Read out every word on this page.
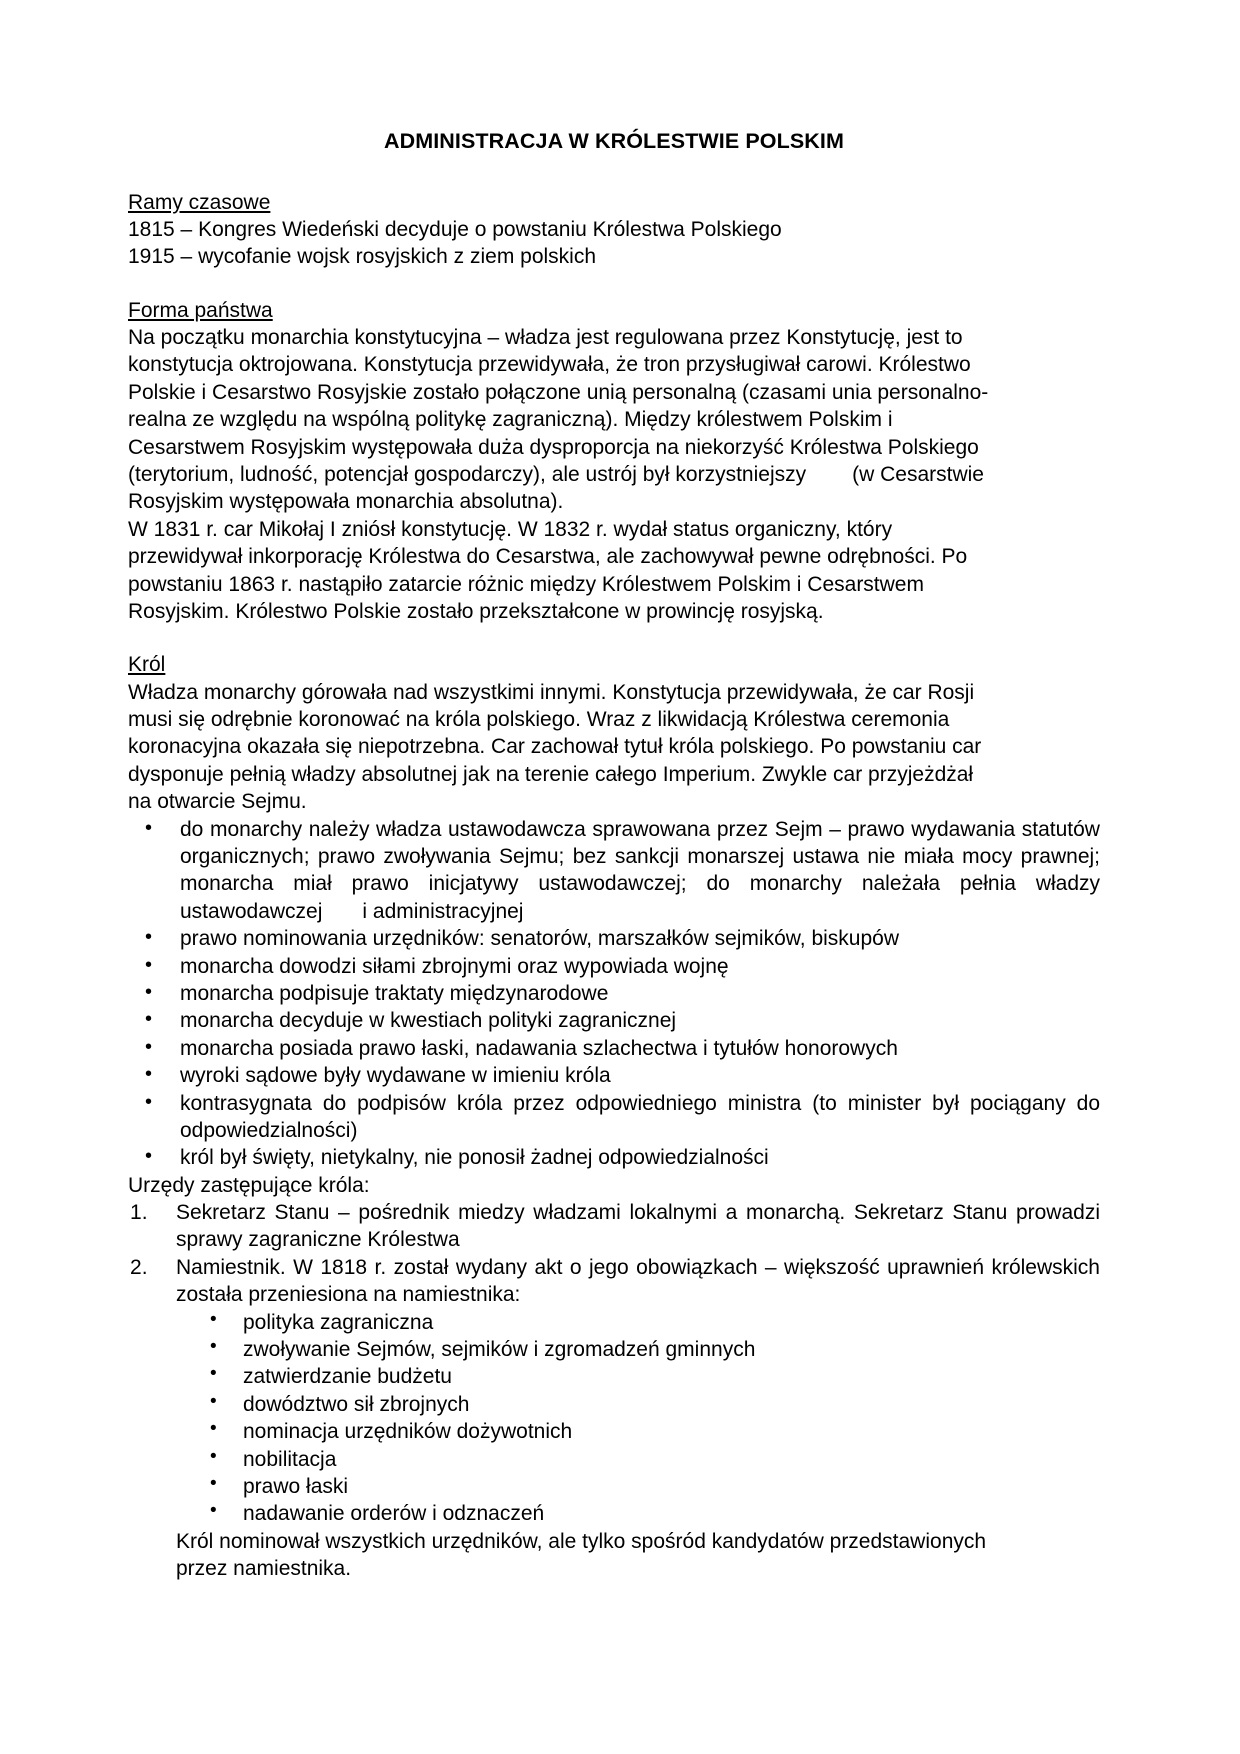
ADMINISTRACJA W KRÓLESTWIE POLSKIM
Ramy czasowe

1815 – Kongres Wiedeński decyduje o powstaniu Królestwa Polskiego

1915 – wycofanie wojsk rosyjskich z ziem polskich

Forma państwa

Na początku monarchia konstytucyjna – władza jest regulowana przez Konstytucję, jest to

konstytucja oktrojowana. Konstytucja przewidywała, że tron przysługiwał carowi. Królestwo

Polskie i Cesarstwo Rosyjskie zostało połączone unią personalną (czasami unia personalno-

realna ze względu na wspólną politykę zagraniczną). Między królestwem Polskim i

Cesarstwem Rosyjskim występowała duża dysproporcja na niekorzyść Królestwa Polskiego

(terytorium, ludność, potencjał gospodarczy), ale ustrój był korzystniejszy (w Cesarstwie

Rosyjskim występowała monarchia absolutna).

W 1831 r. car Mikołaj I zniósł konstytucję. W 1832 r. wydał status organiczny, który

przewidywał inkorporację Królestwa do Cesarstwa, ale zachowywał pewne odrębności. Po

powstaniu 1863 r. nastąpiło zatarcie różnic między Królestwem Polskim i Cesarstwem

Rosyjskim. Królestwo Polskie zostało przekształcone w prowincję rosyjską.

Król

Władza monarchy górowała nad wszystkimi innymi. Konstytucja przewidywała, że car Rosji

musi się odrębnie koronować na króla polskiego. Wraz z likwidacją Królestwa ceremonia

koronacyjna okazała się niepotrzebna. Car zachował tytuł króla polskiego. Po powstaniu car

dysponuje pełnią władzy absolutnej jak na terenie całego Imperium. Zwykle car przyjeżdżał

na otwarcie Sejmu.

• do monarchy należy władza ustawodawcza sprawowana przez Sejm – prawo wydawania statutów organicznych; prawo zwoływania Sejmu; bez sankcji monarszej ustawa nie miała mocy prawnej; monarcha miał prawo inicjatywy ustawodawczej; do monarchy należała pełnia władzy ustawodawczej i administracyjnej
• prawo nominowania urzędników: senatorów, marszałków sejmików, biskupów
• monarcha dowodzi siłami zbrojnymi oraz wypowiada wojnę
• monarcha podpisuje traktaty międzynarodowe
• monarcha decyduje w kwestiach polityki zagranicznej
• monarcha posiada prawo łaski, nadawania szlachectwa i tytułów honorowych
• wyroki sądowe były wydawane w imieniu króla
• kontrasygnata do podpisów króla przez odpowiedniego ministra (to minister był pociągany do odpowiedzialności)
• król był święty, nietykalny, nie ponosił żadnej odpowiedzialności

Urzędy zastępujące króla:

Sekretarz Stanu – pośrednik miedzy władzami lokalnymi a monarchą. Sekretarz Stanu prowadzi sprawy zagraniczne Królestwa
Namiestnik. W 1818 r. został wydany akt o jego obowiązkach – większość uprawnień królewskich została przeniesiona na namiestnika:
• polityka zagraniczna
• zwoływanie Sejmów, sejmików i zgromadzeń gminnych
• zatwierdzanie budżetu
• dowództwo sił zbrojnych
• nominacja urzędników dożywotnich
• nobilitacja
• prawo łaski
• nadawanie orderów i odznaczeń

Król nominował wszystkich urzędników, ale tylko spośród kandydatów przedstawionych

przez namiestnika.
